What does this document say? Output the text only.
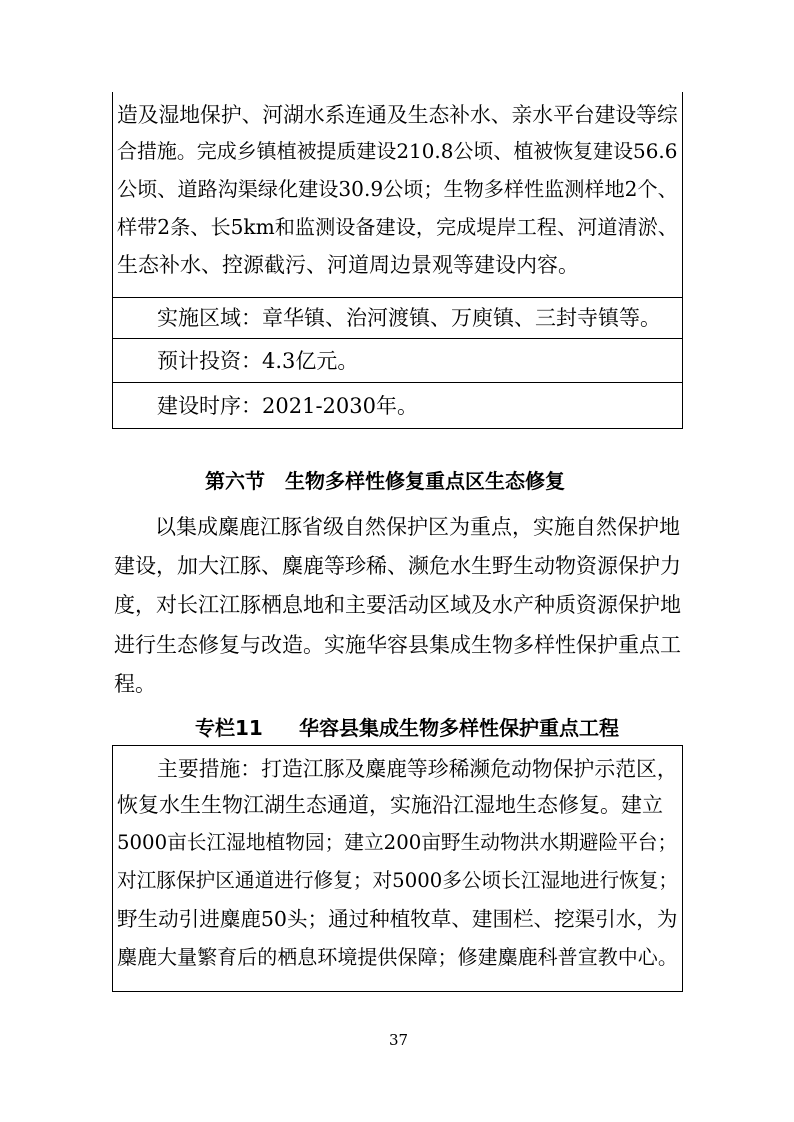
造及湿地保护、河湖水系连通及生态补水、亲水平台建设等综
合措施。完成乡镇植被提质建设210.8公顷、植被恢复建设56.6
公顷、道路沟渠绿化建设30.9公顷；生物多样性监测样地2个、
样带2条、长5km和监测设备建设，完成堤岸工程、河道清淤、
生态补水、控源截污、河道周边景观等建设内容。
实施区域：章华镇、治河渡镇、万庾镇、三封寺镇等。
预计投资：4.3亿元。
建设时序：2021-2030年。
第六节　生物多样性修复重点区生态修复
以集成麋鹿江豚省级自然保护区为重点，实施自然保护地
建设，加大江豚、麋鹿等珍稀、濒危水生野生动物资源保护力
度，对长江江豚栖息地和主要活动区域及水产种质资源保护地
进行生态修复与改造。实施华容县集成生物多样性保护重点工
程。
专栏11 华容县集成生物多样性保护重点工程
主要措施：打造江豚及麋鹿等珍稀濒危动物保护示范区，
恢复水生生物江湖生态通道，实施沿江湿地生态修复。建立
5000亩长江湿地植物园；建立200亩野生动物洪水期避险平台；
对江豚保护区通道进行修复；对5000多公顷长江湿地进行恢复；
野生动引进麋鹿50头；通过种植牧草、建围栏、挖渠引水，为
麋鹿大量繁育后的栖息环境提供保障；修建麋鹿科普宣教中心。
37
